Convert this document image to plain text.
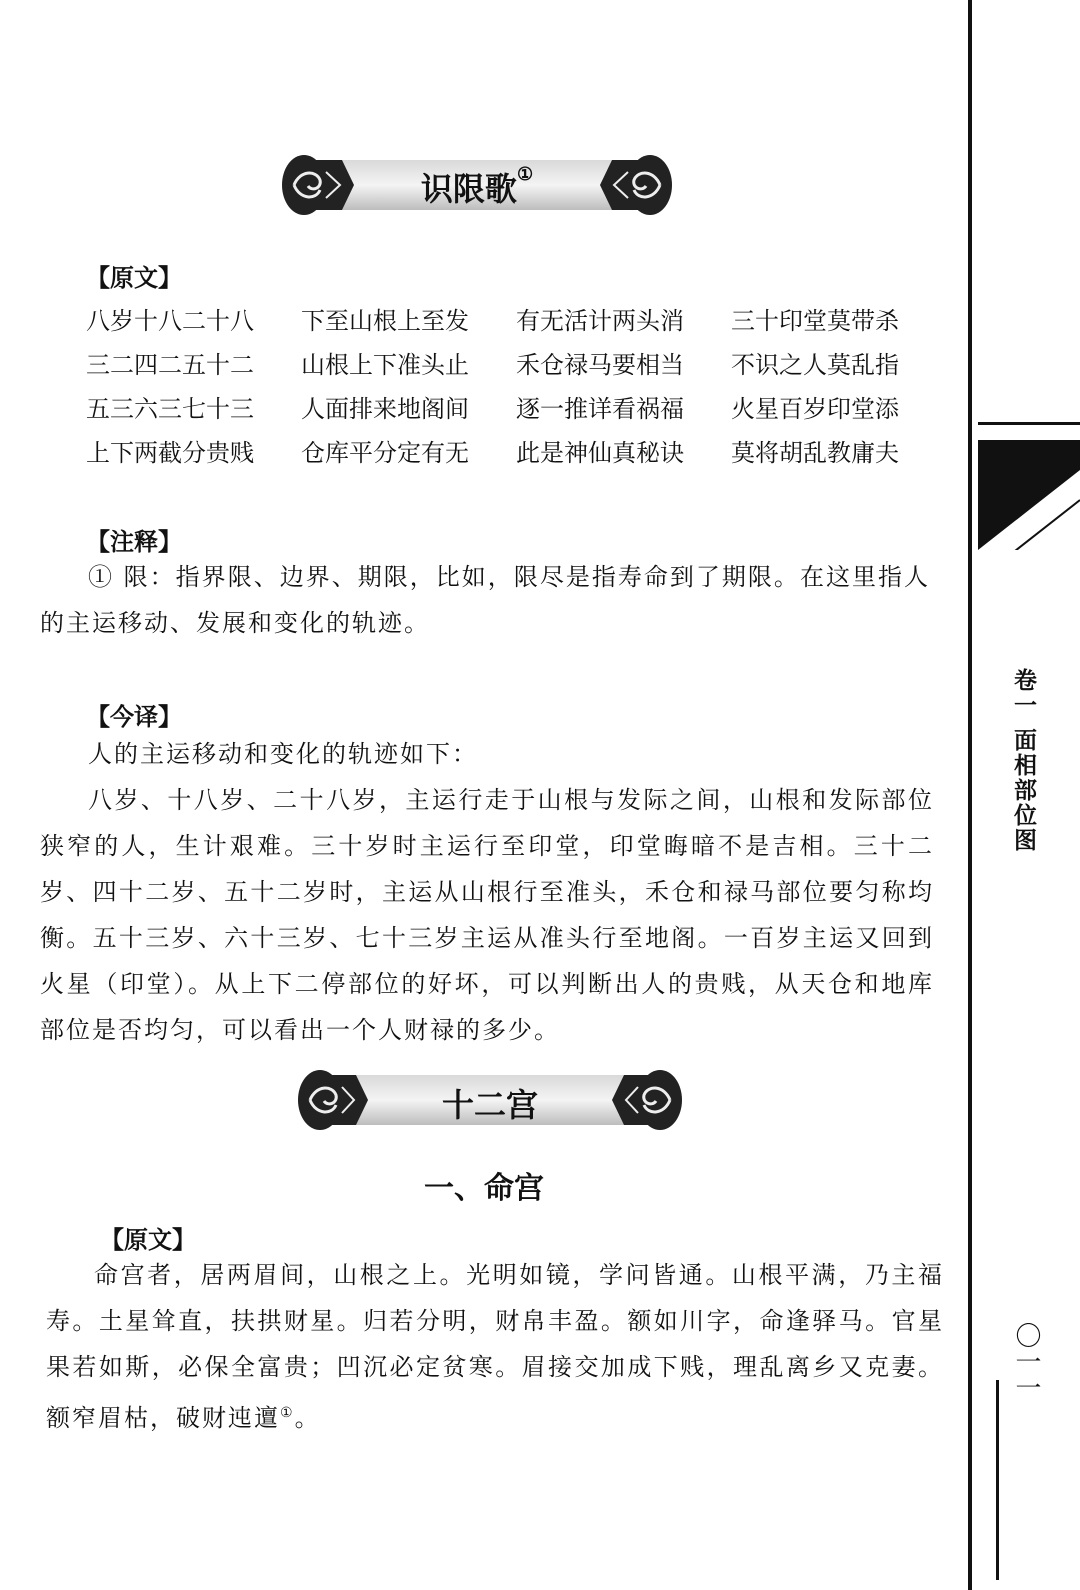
卷一 面相部位图
〇一一
识限歌①
【原文】
八岁十八二十八	下至山根上至发	有无活计两头消	三十印堂莫带杀
三二四二五十二	山根上下准头止	禾仓禄马要相当	不识之人莫乱指
五三六三七十三	人面排来地阁间	逐一推详看祸福	火星百岁印堂添
上下两截分贵贱	仓库平分定有无	此是神仙真秘诀	莫将胡乱教庸夫
【注释】

① 限：指界限、边界、期限，比如，限尽是指寿命到了期限。在这里指人的主运移动、发展和变化的轨迹。

【今译】

人的主运移动和变化的轨迹如下：

八岁、十八岁、二十八岁，主运行走于山根与发际之间，山根和发际部位狭窄的人，生计艰难。三十岁时主运行至印堂，印堂晦暗不是吉相。三十二岁、四十二岁、五十二岁时，主运从山根行至准头，禾仓和禄马部位要匀称均衡。五十三岁、六十三岁、七十三岁主运从准头行至地阁。一百岁主运又回到火星（印堂）。从上下二停部位的好坏，可以判断出人的贵贱，从天仓和地库部位是否均匀，可以看出一个人财禄的多少。

十二宫
一、命宫
【原文】

命宫者，居两眉间，山根之上。光明如镜，学问皆通。山根平满，乃主福寿。土星耸直，扶拱财星。归若分明，财帛丰盈。额如川字，命逢驿马。官星果若如斯，必保全富贵；凹沉必定贫寒。眉接交加成下贱，理乱离乡又克妻。额窄眉枯，破财迍邅①。
